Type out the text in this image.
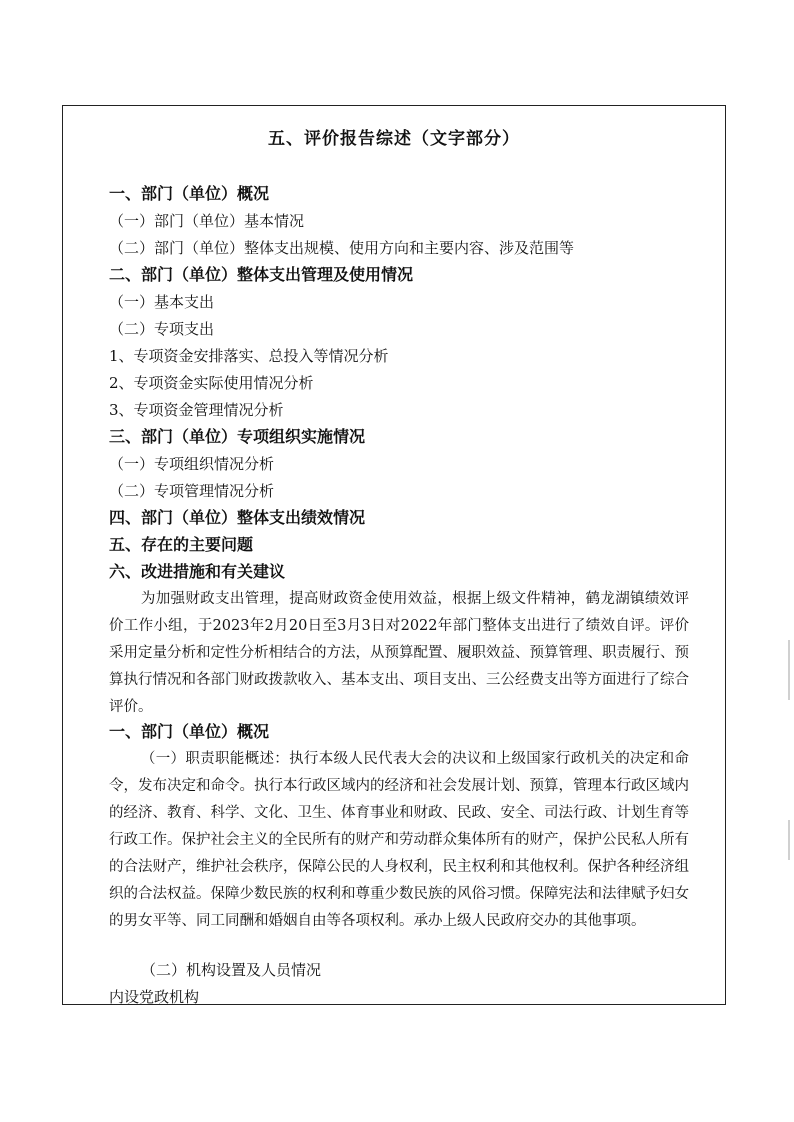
五、评价报告综述（文字部分）
一、部门（单位）概况
（一）部门（单位）基本情况
（二）部门（单位）整体支出规模、使用方向和主要内容、涉及范围等
二、部门（单位）整体支出管理及使用情况
（一）基本支出
（二）专项支出
1、专项资金安排落实、总投入等情况分析
2、专项资金实际使用情况分析
3、专项资金管理情况分析
三、部门（单位）专项组织实施情况
（一）专项组织情况分析
（二）专项管理情况分析
四、部门（单位）整体支出绩效情况
五、存在的主要问题
六、改进措施和有关建议
为加强财政支出管理，提高财政资金使用效益，根据上级文件精神，鹤龙湖镇绩效评价工作小组，于2023年2月20日至3月3日对2022年部门整体支出进行了绩效自评。评价采用定量分析和定性分析相结合的方法，从预算配置、履职效益、预算管理、职责履行、预算执行情况和各部门财政拨款收入、基本支出、项目支出、三公经费支出等方面进行了综合评价。
一、部门（单位）概况
（一）职责职能概述：执行本级人民代表大会的决议和上级国家行政机关的决定和命令，发布决定和命令。执行本行政区域内的经济和社会发展计划、预算，管理本行政区域内的经济、教育、科学、文化、卫生、体育事业和财政、民政、安全、司法行政、计划生育等行政工作。保护社会主义的全民所有的财产和劳动群众集体所有的财产，保护公民私人所有的合法财产，维护社会秩序，保障公民的人身权利，民主权利和其他权利。保护各种经济组织的合法权益。保障少数民族的权利和尊重少数民族的风俗习惯。保障宪法和法律赋予妇女的男女平等、同工同酬和婚姻自由等各项权利。承办上级人民政府交办的其他事项。
（二）机构设置及人员情况
内设党政机构
